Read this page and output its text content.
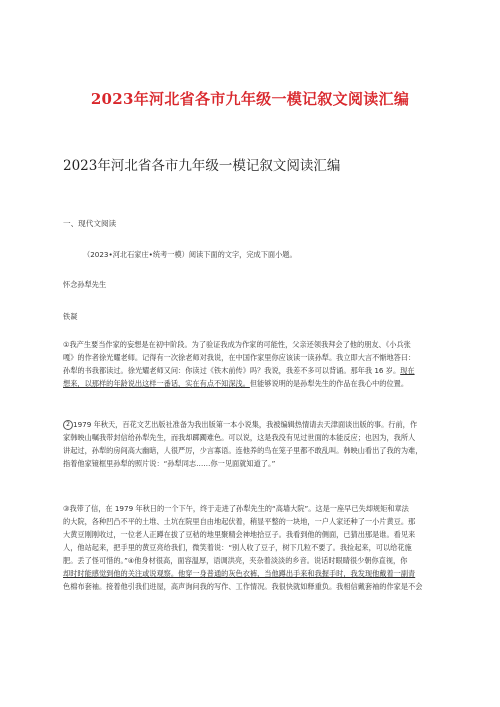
2023年河北省各市九年级一模记叙文阅读汇编
2023年河北省各市九年级一模记叙文阅读汇编
一、现代文阅读
（2023•河北石家庄•统考一模）阅读下面的文字，完成下面小题。
怀念孙犁先生
铁凝
①我产生要当作家的妄想是在初中阶段。为了验证我成为作家的可能性，父亲还领我拜会了他的朋友、《小兵张
嘎》的作者徐光耀老师。记得有一次徐老师对我说，在中国作家里你应该读一读孙犁。我立即大言不惭地答曰：
孙犁的书我都读过。徐光耀老师又问：你读过《铁木前传》吗？我说，我差不多可以背诵。那年我 16 岁。现在
想来，以那样的年龄说出这样一番话，实在有点不知深浅。但能够说明的是孙犁先生的作品在我心中的位置。
2 1979 年秋天，百花文艺出版社准备为我出版第一本小说集，我被编辑热情请去天津面谈出版的事。行前，作
家韩映山嘱我带封信给孙犁先生，而我却踯躅难色。可以说，这是我没有见过世面的本能反应；也因为，我所人
讲起过，孙犁的房间高大幽暗，人很严厉，少言寡语。连他养的鸟在笼子里都不敢乱叫。韩映山看出了我的为难，
指着他家镜框里孙犁的照片说：“孙犁同志……你一见面就知道了。”
③我带了信，在 1979 年秋日的一个下午，终于走进了孙犁先生的“高墙大院”。这是一座早已失却规矩和章法
的大院，各种凹凸不平的土堆、土坑在院里自由地起伏着，稍显平整的一块地，一户人家还种了一小片黄豆。那
大黄豆刚刚收过，一位老人正蹲在拔了豆秸的地里聚精会神地拾豆子。我看到他的侧面，已猜出那是谁。看见来
人，他站起来，把手里的黄豆亮给我们，微笑着说：“别人收了豆子，树下几粒不要了。我捡起来，可以给花施
肥。丢了怪可惜的。”④他身材很高，面容温厚，语调洪亮，夹杂着淡淡的乡音。说话时眼睛很少朝你直视，你
却时时能感觉到他的关注或说观察。他穿一身普通的灰色衣裤，当他蹲出手来和我握手时，我发现他戴着一副青
色棉布套袖。接着他引我们进屋，高声询问我的写作、工作情况。我很快就如释重负。我相信戴套袖的作家是不会
